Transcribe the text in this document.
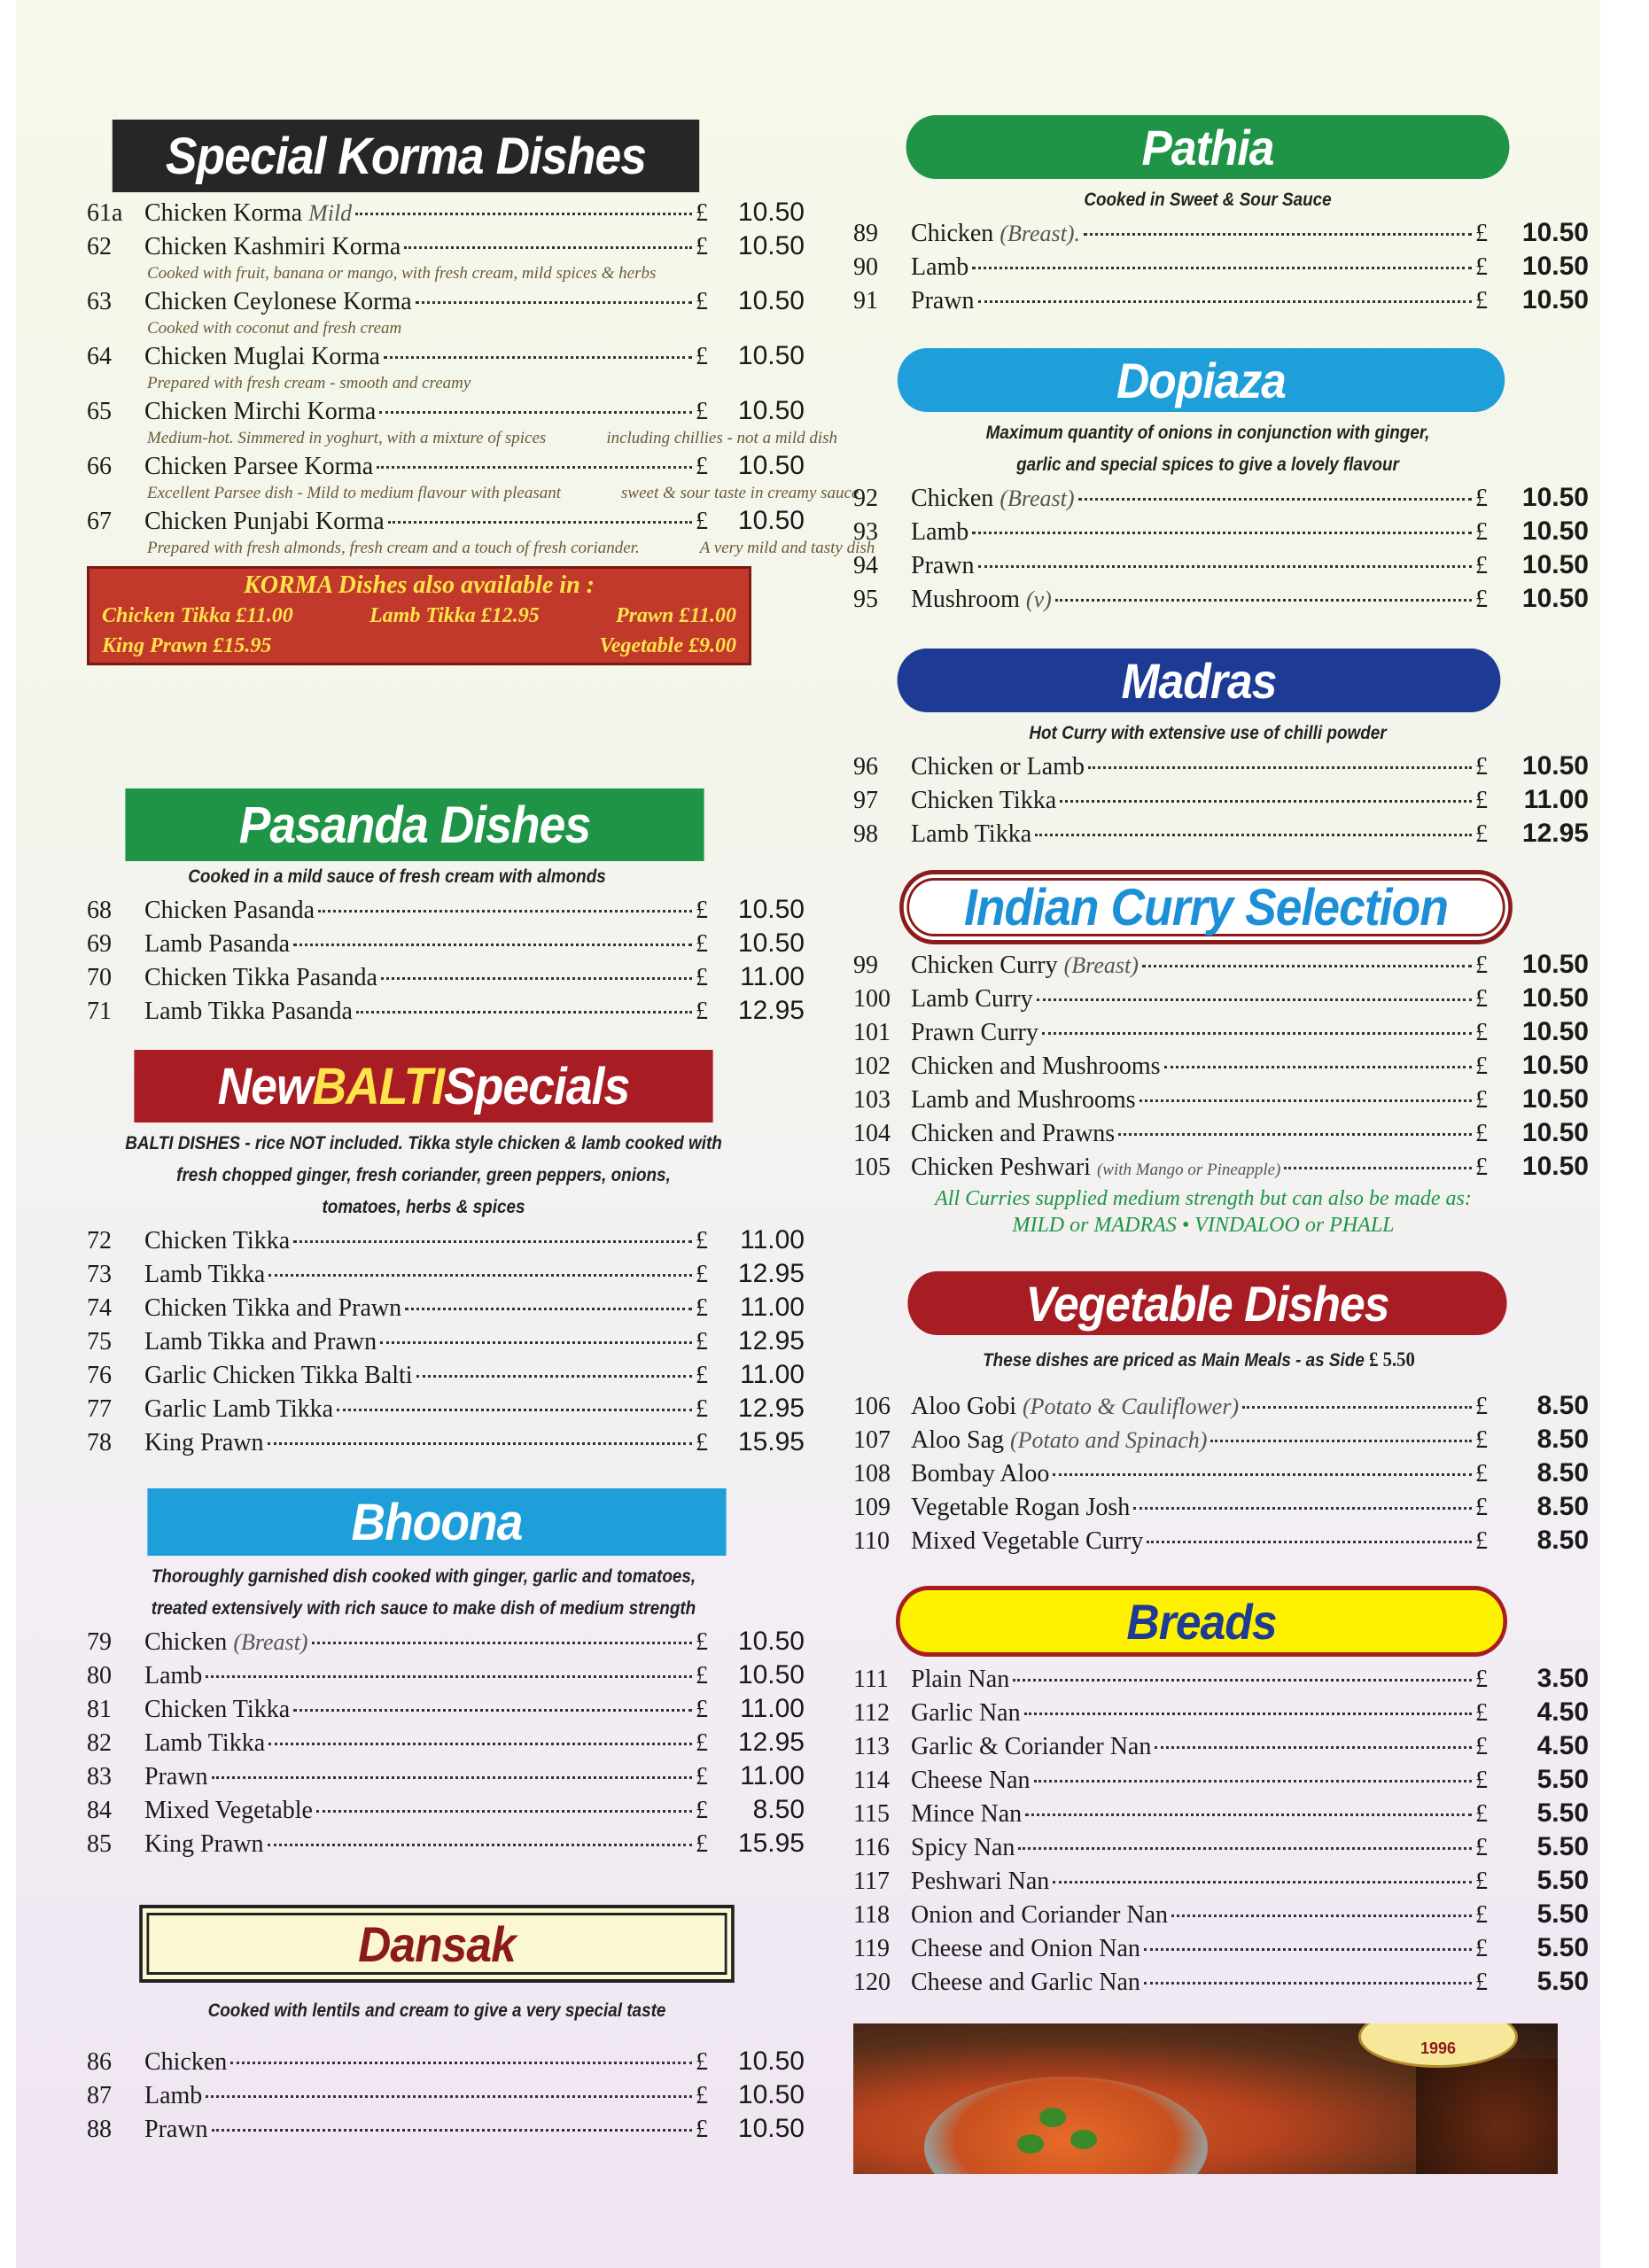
Special Korma Dishes
61a Chicken Korma Mild	£	10.50
62	Chicken Kashmiri Korma	£	10.50
Cooked with fruit, banana or mango, with fresh cream, mild spices & herbs
63	Chicken Ceylonese Korma	£	10.50
Cooked with coconut and fresh cream
64	Chicken Muglai Korma	£	10.50
Prepared with fresh cream - smooth and creamy
65	Chicken Mirchi Korma	£	10.50
Medium-hot. Simmered in yoghurt, with a mixture of spices	including chillies - not a mild dish
66	Chicken Parsee Korma	£	10.50
Excellent Parsee dish - Mild to medium flavour with pleasant	sweet & sour taste in creamy sauce
67	Chicken Punjabi Korma	£	10.50
Prepared with fresh almonds, fresh cream and a touch of fresh coriander.	A very mild and tasty dish
KORMA Dishes also available in :
Chicken Tikka £11.00	Lamb Tikka £12.95	Prawn £11.00
King Prawn £15.95	Vegetable £9.00
Pasanda Dishes
Cooked in a mild sauce of fresh cream with almonds
68	Chicken Pasanda	£	10.50
69	Lamb Pasanda	£	10.50
70	Chicken Tikka Pasanda	£	11.00
71	Lamb Tikka Pasanda	£	12.95
New BALTI Specials
BALTI DISHES - rice NOT included. Tikka style chicken & lamb cooked with
fresh chopped ginger, fresh coriander, green peppers, onions,
tomatoes, herbs & spices
72	Chicken Tikka	£	11.00
73	Lamb Tikka	£	12.95
74	Chicken Tikka and Prawn	£	11.00
75	Lamb Tikka and Prawn	£	12.95
76	Garlic Chicken Tikka Balti	£	11.00
77	Garlic Lamb Tikka	£	12.95
78	King Prawn	£	15.95
Bhoona
Thoroughly garnished dish cooked with ginger, garlic and tomatoes,
treated extensively with rich sauce to make dish of medium strength
79	Chicken (Breast)	£	10.50
80	Lamb	£	10.50
81	Chicken Tikka	£	11.00
82	Lamb Tikka	£	12.95
83	Prawn	£	11.00
84	Mixed Vegetable	£	8.50
85	King Prawn	£	15.95
Dansak
Cooked with lentils and cream to give a very special taste
86	Chicken	£	10.50
87	Lamb	£	10.50
88	Prawn	£	10.50
Pathia
Cooked in Sweet & Sour Sauce
89	Chicken (Breast).	£	10.50
90	Lamb	£	10.50
91	Prawn	£	10.50
Dopiaza
Maximum quantity of onions in conjunction with ginger,
garlic and special spices to give a lovely flavour
92	Chicken (Breast)	£	10.50
93	Lamb	£	10.50
94	Prawn	£	10.50
95	Mushroom (v)	£	10.50
Madras
Hot Curry with extensive use of chilli powder
96	Chicken or Lamb	£	10.50
97	Chicken Tikka	£	11.00
98	Lamb Tikka	£	12.95
Indian Curry Selection
99	Chicken Curry (Breast)	£	10.50
100 Lamb Curry	£	10.50
101 Prawn Curry	£	10.50
102 Chicken and Mushrooms	£	10.50
103 Lamb and Mushrooms	£	10.50
104 Chicken and Prawns	£	10.50
105 Chicken Peshwari (with Mango or Pineapple)	£	10.50
All Curries supplied medium strength but can also be made as:
MILD or MADRAS • VINDALOO or PHALL
Vegetable Dishes
These dishes are priced as Main Meals - as Side £ 5.50
106 Aloo Gobi (Potato & Cauliflower)	£	8.50
107 Aloo Sag (Potato and Spinach)	£	8.50
108 Bombay Aloo	£	8.50
109 Vegetable Rogan Josh	£	8.50
110 Mixed Vegetable Curry	£	8.50
Breads
111 Plain Nan	£	3.50
112 Garlic Nan	£	4.50
113 Garlic & Coriander Nan	£	4.50
114 Cheese Nan	£	5.50
115 Mince Nan	£	5.50
116 Spicy Nan	£	5.50
117 Peshwari Nan	£	5.50
118 Onion and Coriander Nan	£	5.50
119 Cheese and Onion Nan	£	5.50
120 Cheese and Garlic Nan	£	5.50
1996
